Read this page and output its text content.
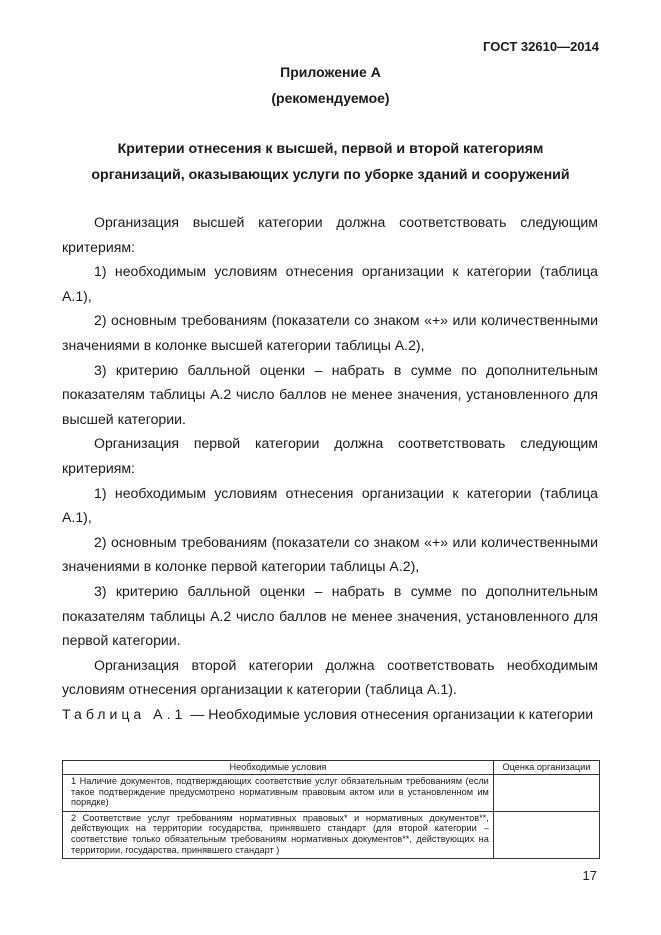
ГОСТ 32610—2014
Приложение А
(рекомендуемое)
Критерии отнесения к высшей, первой и второй категориям
организаций, оказывающих услуги по уборке зданий и сооружений

Организация высшей категории должна соответствовать следующим критериям:

1) необходимым условиям отнесения организации к категории (таблица А.1),

2) основным требованиям (показатели со знаком «+» или количественными значениями в колонке высшей категории таблицы А.2),

3) критерию балльной оценки – набрать в сумме по дополнительным показателям таблицы А.2 число баллов не менее значения, установленного для высшей категории.

Организация первой категории должна соответствовать следующим критериям:

1) необходимым условиям отнесения организации к категории (таблица А.1),

2) основным требованиям (показатели со знаком «+» или количественными значениями в колонке первой категории таблицы А.2),

3) критерию балльной оценки – набрать в сумме по дополнительным показателям таблицы А.2 число баллов не менее значения, установленного для первой категории.

Организация второй категории должна соответствовать необходимым условиям отнесения организации к категории (таблица А.1).

Таблица А.1 — Необходимые условия отнесения организации к категории

Необходимые условия	Оценка организации
1 Наличие документов, подтверждающих соответствие услуг обязательным требованиям (если такое подтверждение предусмотрено нормативным правовым актом или в установленном им порядке)	
2 Соответствие услуг требованиям нормативных правовых* и нормативных документов**, действующих на территории государства, принявшего стандарт (для второй категории – соответствие только обязательным требованиям нормативных документов**, действующих на территории, государства, принявшего стандарт )	
17
